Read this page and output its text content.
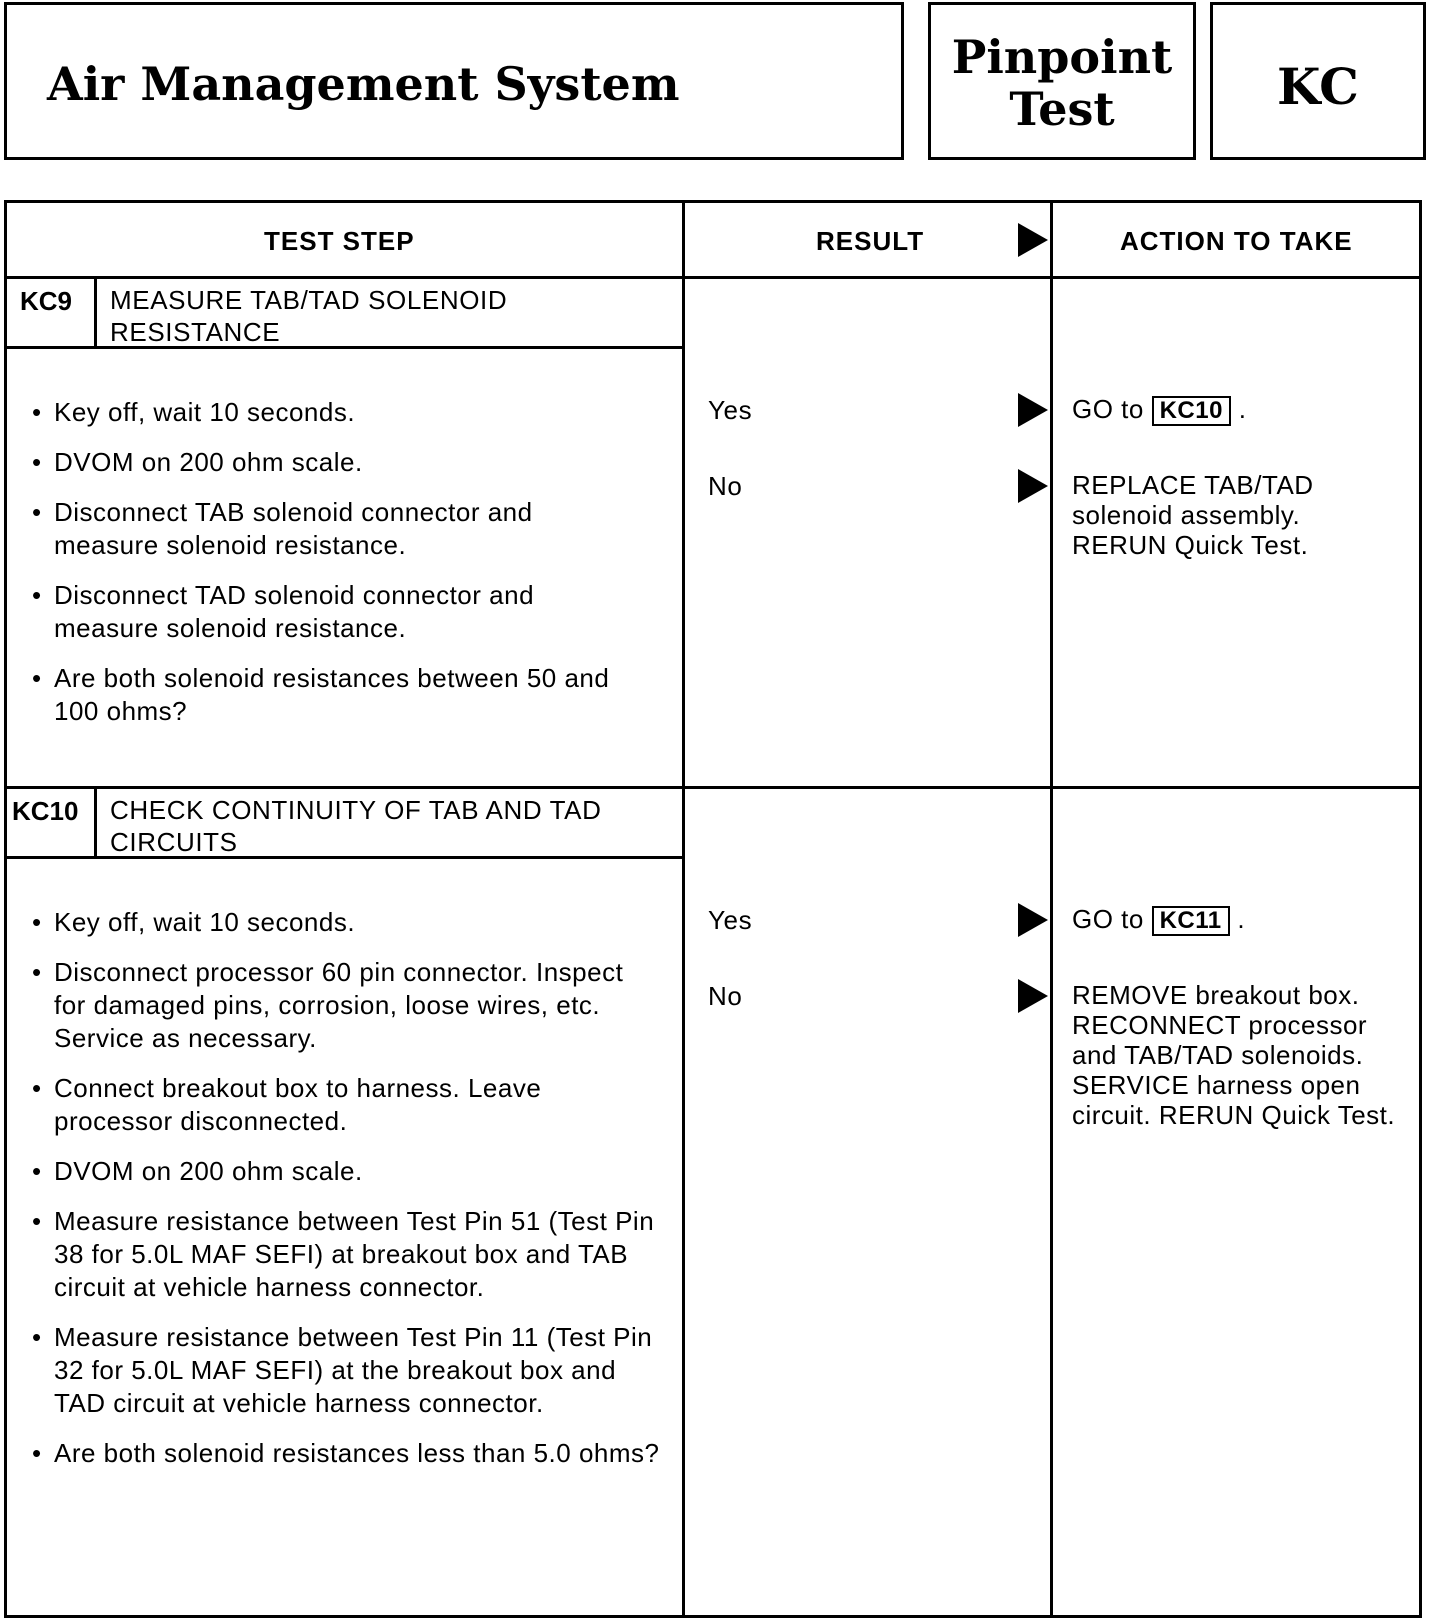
Air Management System	Pinpoint
Test	KC
TEST STEP	RESULT	ACTION TO TAKE
KC9 MEASURE TAB/TAD SOLENOID
RESISTANCE
• Key off, wait 10 seconds.
• DVOM on 200 ohm scale.
• Disconnect TAB solenoid connector and measure solenoid resistance.
• Disconnect TAD solenoid connector and measure solenoid resistance.
• Are both solenoid resistances between 50 and 100 ohms?
Yes	GO to KC10 .
No	REPLACE TAB/TAD solenoid assembly. RERUN Quick Test.
KC10 CHECK CONTINUITY OF TAB AND TAD
CIRCUITS
• Key off, wait 10 seconds.
• Disconnect processor 60 pin connector. Inspect for damaged pins, corrosion, loose wires, etc. Service as necessary.
• Connect breakout box to harness. Leave processor disconnected.
• DVOM on 200 ohm scale.
• Measure resistance between Test Pin 51 (Test Pin 38 for 5.0L MAF SEFI) at breakout box and TAB circuit at vehicle harness connector.
• Measure resistance between Test Pin 11 (Test Pin 32 for 5.0L MAF SEFI) at the breakout box and TAD circuit at vehicle harness connector.
• Are both solenoid resistances less than 5.0 ohms?
Yes	GO to KC11 .
No	REMOVE breakout box. RECONNECT processor and TAB/TAD solenoids. SERVICE harness open circuit. RERUN Quick Test.
